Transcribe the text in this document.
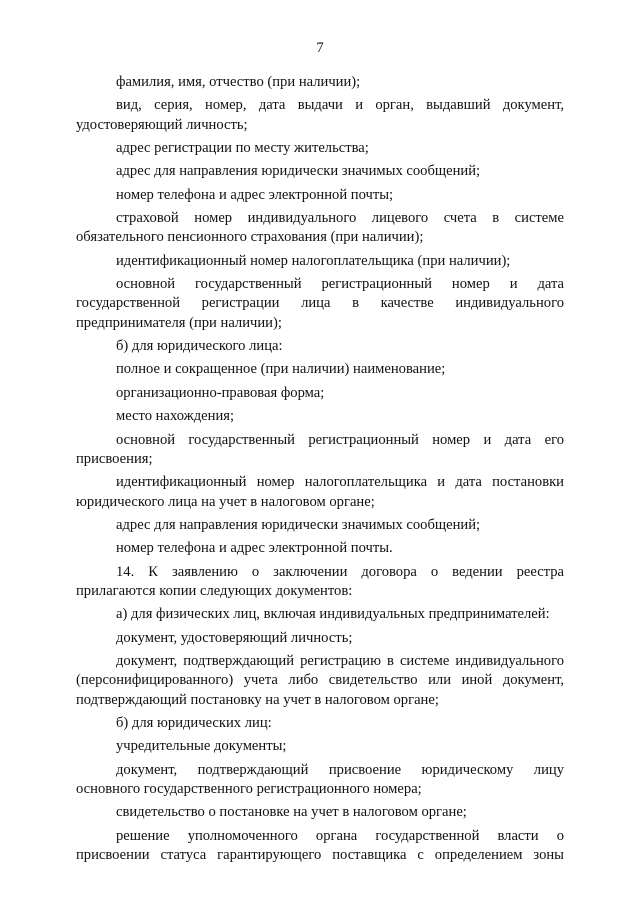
7

фамилия, имя, отчество (при наличии);

вид, серия, номер, дата выдачи и орган, выдавший документ, удостоверяющий личность;

адрес регистрации по месту жительства;

адрес для направления юридически значимых сообщений;

номер телефона и адрес электронной почты;

страховой номер индивидуального лицевого счета в системе обязательного пенсионного страхования (при наличии);

идентификационный номер налогоплательщика (при наличии);

основной государственный регистрационный номер и дата государственной регистрации лица в качестве индивидуального предпринимателя (при наличии);

б) для юридического лица:

полное и сокращенное (при наличии) наименование;

организационно-правовая форма;

место нахождения;

основной государственный регистрационный номер и дата его присвоения;

идентификационный номер налогоплательщика и дата постановки юридического лица на учет в налоговом органе;

адрес для направления юридически значимых сообщений;

номер телефона и адрес электронной почты.

14. К заявлению о заключении договора о ведении реестра прилагаются копии следующих документов:

а) для физических лиц, включая индивидуальных предпринимателей:

документ, удостоверяющий личность;

документ, подтверждающий регистрацию в системе индивидуального (персонифицированного) учета либо свидетельство или иной документ, подтверждающий постановку на учет в налоговом органе;

б) для юридических лиц:

учредительные документы;

документ, подтверждающий присвоение юридическому лицу основного государственного регистрационного номера;

свидетельство о постановке на учет в налоговом органе;

решение уполномоченного органа государственной власти о присвоении статуса гарантирующего поставщика с определением зоны
